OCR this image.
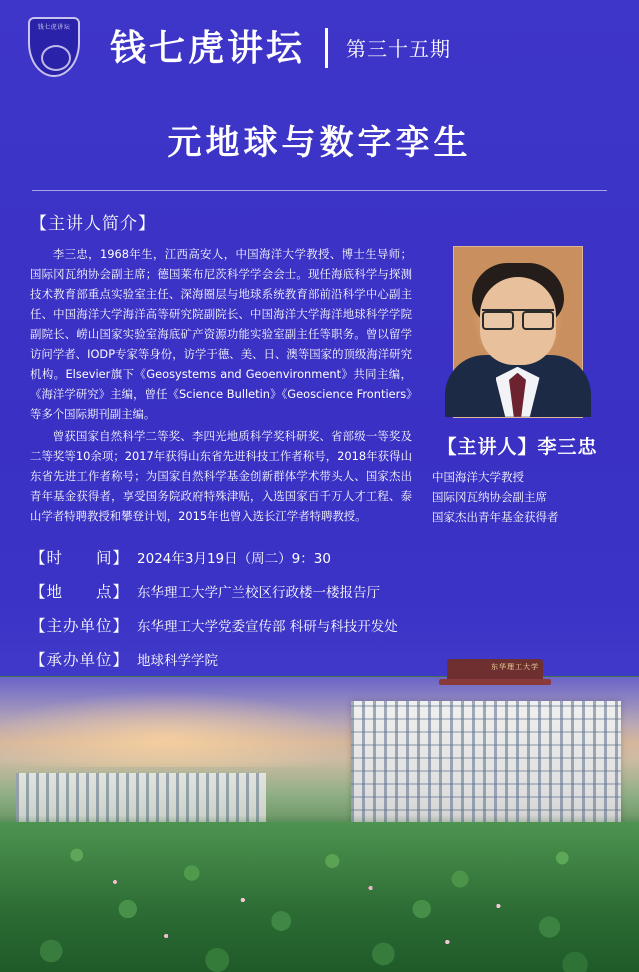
钱七虎讲坛 钱七虎讲坛 第三十五期
元地球与数字孪生
【主讲人简介】

李三忠，1968年生，江西高安人，中国海洋大学教授、博士生导师；国际冈瓦纳协会副主席；德国莱布尼茨科学学会会士。现任海底科学与探测技术教育部重点实验室主任、深海圈层与地球系统教育部前沿科学中心副主任、中国海洋大学海洋高等研究院副院长、中国海洋大学海洋地球科学学院副院长、崂山国家实验室海底矿产资源功能实验室副主任等职务。曾以留学访问学者、IODP专家等身份，访学于德、美、日、澳等国家的顶级海洋研究机构。Elsevier旗下《Geosystems and Geoenvironment》共同主编，《海洋学研究》主编，曾任《Science Bulletin》《Geoscience Frontiers》等多个国际期刊副主编。

曾获国家自然科学二等奖、李四光地质科学奖科研奖、省部级一等奖及二等奖等10余项；2017年获得山东省先进科技工作者称号，2018年获得山东省先进工作者称号；为国家自然科学基金创新群体学术带头人、国家杰出青年基金获得者，享受国务院政府特殊津贴，入选国家百千万人才工程、泰山学者特聘教授和攀登计划，2015年也曾入选长江学者特聘教授。

【主讲人】李三忠
中国海洋大学教授
国际冈瓦纳协会副主席
国家杰出青年基金获得者
【时　　间】 2024年3月19日（周二）9：30
【地　　点】 东华理工大学广兰校区行政楼一楼报告厅
【主办单位】 东华理工大学党委宣传部 科研与科技开发处
【承办单位】 地球科学学院	东华理工大学
